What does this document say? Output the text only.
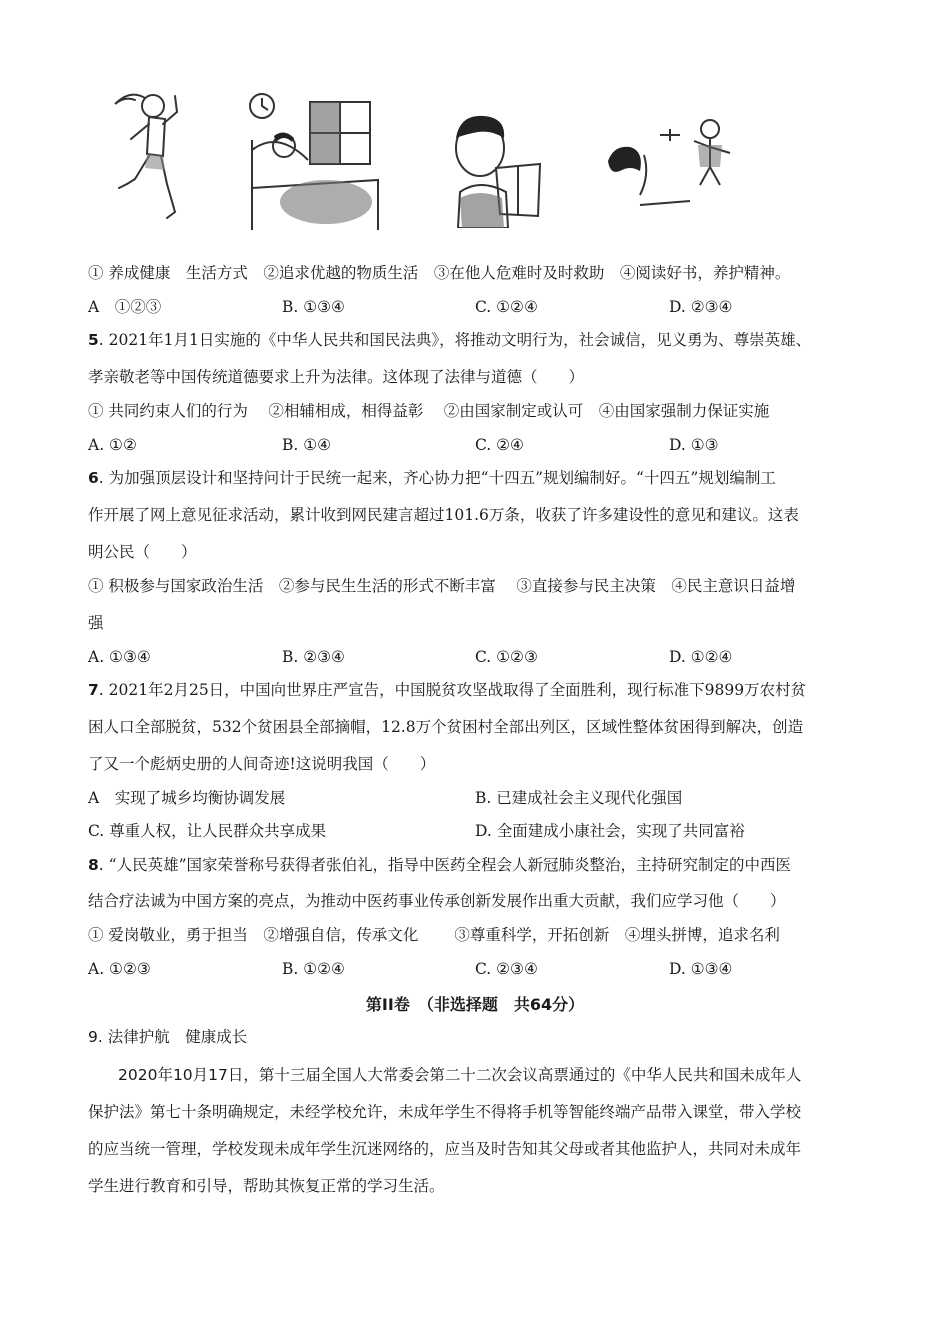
① 养成健康　生活方式　②追求优越的物质生活　③在他人危难时及时救助　④阅读好书，养护精神。
A　①②③	B. ①③④	C. ①②④	D. ②③④
5. 2021年1月1日实施的《中华人民共和国民法典》，将推动文明行为，社会诚信，见义勇为、尊崇英雄、
孝亲敬老等中国传统道德要求上升为法律。这体现了法律与道德（　　）
① 共同约束人们的行为　 ②相辅相成，相得益彰　 ②由国家制定或认可　④由国家强制力保证实施
A. ①②	B. ①④	C. ②④	D. ①③
6. 为加强顶层设计和坚持问计于民统一起来，齐心协力把“十四五”规划编制好。“十四五”规划编制工
作开展了网上意见征求活动，累计收到网民建言超过101.6万条，收获了许多建设性的意见和建议。这表
明公民（　　）
① 积极参与国家政治生活　②参与民生生活的形式不断丰富　 ③直接参与民主决策　④民主意识日益增
强
A. ①③④	B. ②③④	C. ①②③	D. ①②④
7. 2021年2月25日，中国向世界庄严宣告，中国脱贫攻坚战取得了全面胜利，现行标准下9899万农村贫
困人口全部脱贫，532个贫困县全部摘帽，12.8万个贫困村全部出列区，区域性整体贫困得到解决，创造
了又一个彪炳史册的人间奇迹!这说明我国（　　）
A　实现了城乡均衡协调发展	B. 已建成社会主义现代化强国
C. 尊重人权，让人民群众共享成果	D. 全面建成小康社会，实现了共同富裕
8. “人民英雄”国家荣誉称号获得者张伯礼，指导中医药全程会人新冠肺炎整治，主持研究制定的中西医
结合疗法诚为中国方案的亮点，为推动中医药事业传承创新发展作出重大贡献，我们应学习他（　　）
① 爱岗敬业，勇于担当　②增强自信，传承文化　　 ③尊重科学，开拓创新　④埋头拼博，追求名利
A. ①②③	B. ①②④	C. ②③④	D. ①③④
第II卷　（非选择题　共64分）
9. 法律护航　健康成长
2020年10月17日，第十三届全国人大常委会第二十二次会议高票通过的《中华人民共和国未成年人
保护法》第七十条明确规定，未经学校允许，未成年学生不得将手机等智能终端产品带入课堂，带入学校
的应当统一管理，学校发现未成年学生沉迷网络的，应当及时告知其父母或者其他监护人，共同对未成年
学生进行教育和引导，帮助其恢复正常的学习生活。
